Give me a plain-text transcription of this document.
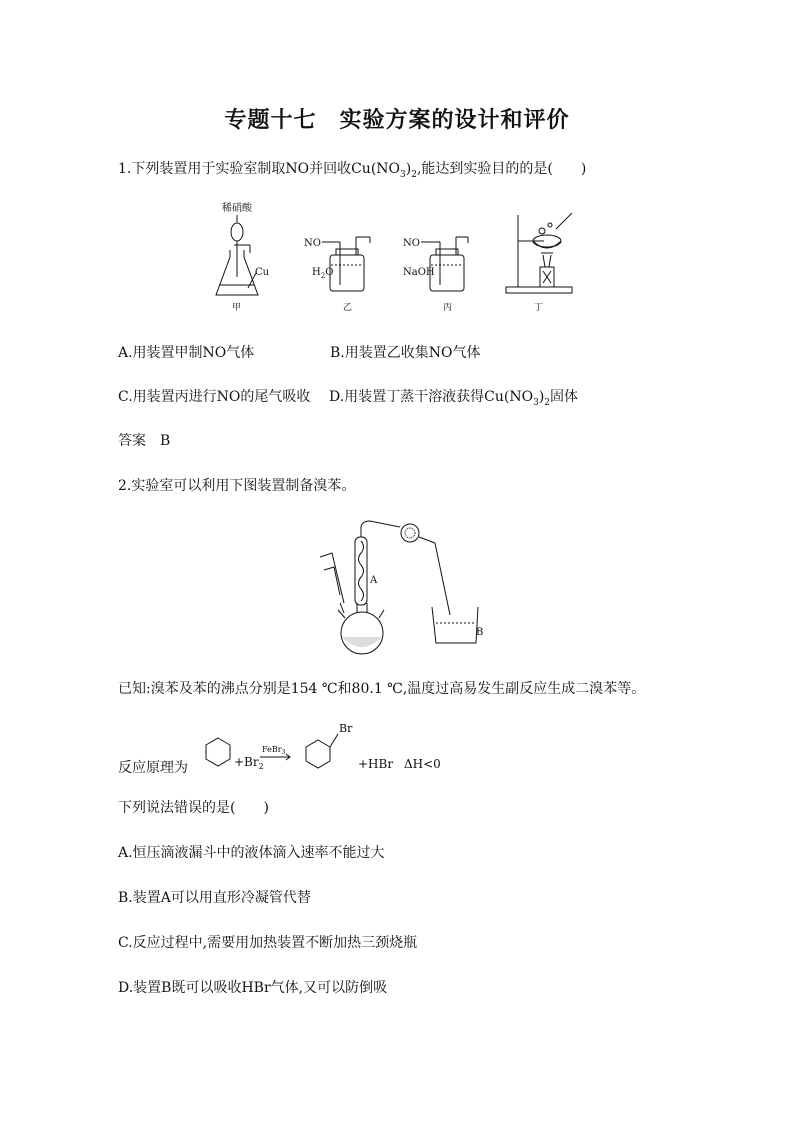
专题十七　实验方案的设计和评价
1.下列装置用于实验室制取NO并回收$Cu(NO_3)_2$,能达到实验目的的是(　　)
稀硝酸
Cu
甲
NO
$H_2O$
乙
NO
NaOH
丙	丁
A.用装置甲制NO气体	B.用装置乙收集NO气体
C.用装置丙进行NO的尾气吸收 D.用装置丁蒸干溶液获得$Cu(NO_3)_2$固体
答案　B
2.实验室可以利用下图装置制备溴苯。
A
B
已知:溴苯及苯的沸点分别是154 ℃和80.1 ℃,温度过高易发生副反应生成二溴苯等。
反应原理为	$+Br_2$
FeBr$_3$
Br
+HBr ΔH<0
下列说法错误的是(　　)
A.恒压滴液漏斗中的液体滴入速率不能过大
B.装置A可以用直形冷凝管代替
C.反应过程中,需要用加热装置不断加热三颈烧瓶
D.装置B既可以吸收HBr气体,又可以防倒吸
